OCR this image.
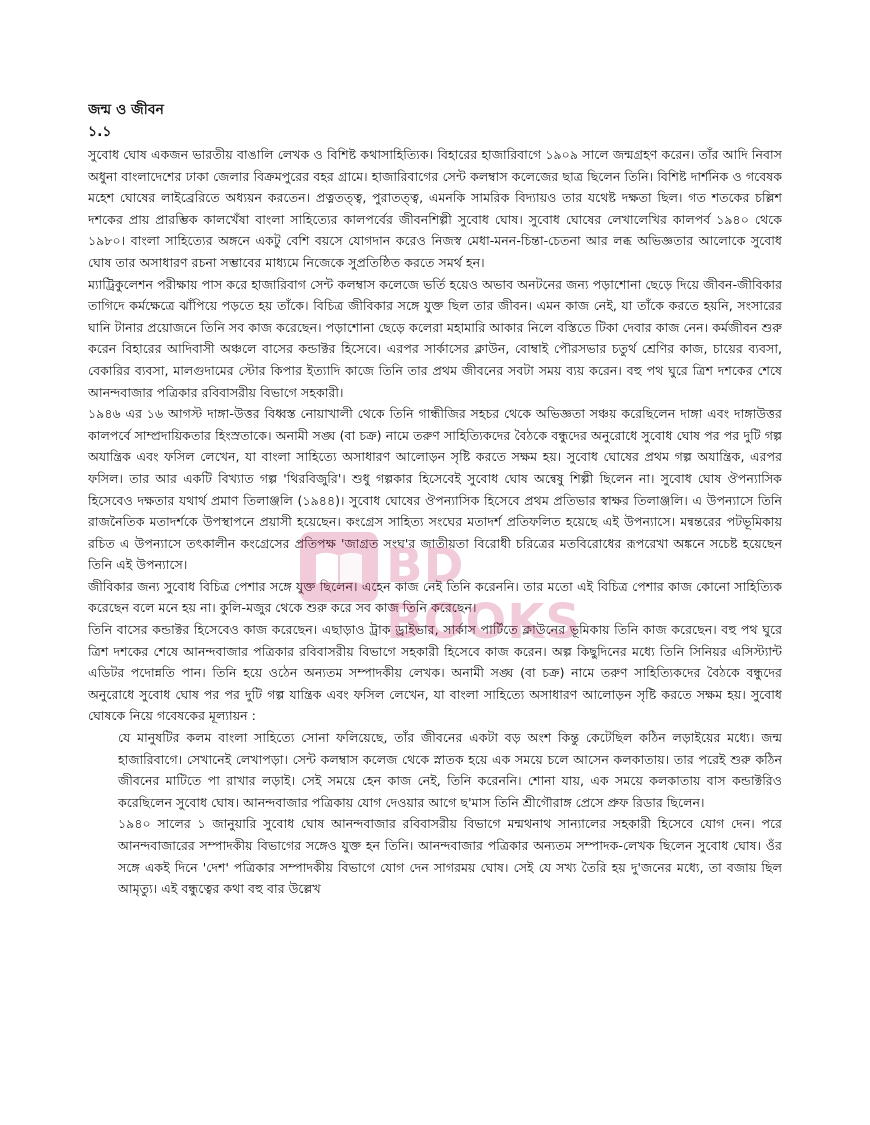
জন্ম ও জীবন

১.১

সুবোধ ঘোষ একজন ভারতীয় বাঙালি লেখক ও বিশিষ্ট কথাসাহিত্যিক। বিহারের হাজারিবাগে ১৯০৯ সালে জন্মগ্রহণ করেন। তাঁর আদি নিবাস অধুনা বাংলাদেশের ঢাকা জেলার বিক্রমপুরের বহর গ্রামে। হাজারিবাগের সেন্ট কলম্বাস কলেজের ছাত্র ছিলেন তিনি। বিশিষ্ট দার্শনিক ও গবেষক মহেশ ঘোষের লাইব্রেরিতে অধ্যয়ন করতেন। প্রত্নতত্ত্ব, পুরাতত্ত্ব, এমনকি সামরিক বিদ্যায়ও তার যথেষ্ট দক্ষতা ছিল। গত শতকের চল্লিশ দশকের প্রায় প্রারম্ভিক কালখেঁষা বাংলা সাহিত্যের কালপর্বের জীবনশিল্পী সুবোধ ঘোষ। সুবোধ ঘোষের লেখালেখির কালপর্ব ১৯৪০ থেকে ১৯৮০। বাংলা সাহিত্যের অঙ্গনে একটু বেশি বয়সে যোগদান করেও নিজস্ব মেধা-মনন-চিন্তা-চেতনা আর লব্ধ অভিজ্ঞতার আলোকে সুবোধ ঘোষ তার অসাধারণ রচনা সম্ভাবের মাধ্যমে নিজেকে সুপ্রতিষ্ঠিত করতে সমর্থ হন।

ম্যাট্রিকুলেশন পরীক্ষায় পাস করে হাজারিবাগ সেন্ট কলম্বাস কলেজে ভর্তি হয়েও অভাব অনটনের জন্য পড়াশোনা ছেড়ে দিয়ে জীবন-জীবিকার তাগিদে কর্মক্ষেত্রে ঝাঁপিয়ে পড়তে হয় তাঁকে। বিচিত্র জীবিকার সঙ্গে যুক্ত ছিল তার জীবন। এমন কাজ নেই, যা তাঁকে করতে হয়নি, সংসারের ঘানি টানার প্রয়োজনে তিনি সব কাজ করেছেন। পড়াশোনা ছেড়ে কলেরা মহামারি আকার নিলে বস্তিতে টিকা দেবার কাজ নেন। কর্মজীবন শুরু করেন বিহারের আদিবাসী অঞ্চলে বাসের কন্ডাক্টর হিসেবে। এরপর সার্কাসের ক্লাউন, বোম্বাই পৌরসভার চতুর্থ শ্রেণির কাজ, চায়ের ব্যবসা, বেকারির ব্যবসা, মালগুদামের স্টোর কিপার ইত্যাদি কাজে তিনি তার প্রথম জীবনের সবটা সময় ব্যয় করেন। বহু পথ ঘুরে ত্রিশ দশকের শেষে আনন্দবাজার পত্রিকার রবিবাসরীয় বিভাগে সহকারী।

১৯৪৬ এর ১৬ আগস্ট দাঙ্গা-উত্তর বিধ্বস্ত নোয়াখালী থেকে তিনি গান্ধীজির সহচর থেকে অভিজ্ঞতা সঞ্চয় করেছিলেন দাঙ্গা এবং দাঙ্গাউত্তর কালপর্বে সাম্প্রদায়িকতার হিংস্রতাকে। অনামী সঙ্ঘ (বা চক্র) নামে তরুণ সাহিত্যিকদের বৈঠকে বন্ধুদের অনুরোধে সুবোধ ঘোষ পর পর দুটি গল্প অযান্ত্রিক এবং ফসিল লেখেন, যা বাংলা সাহিত্যে অসাধারণ আলোড়ন সৃষ্টি করতে সক্ষম হয়। সুবোধ ঘোষের প্রথম গল্প অযান্ত্রিক, এরপর ফসিল। তার আর একটি বিখ্যাত গল্প 'থিরবিজুরি'। শুধু গল্পকার হিসেবেই সুবোধ ঘোষ অন্বেষু শিল্পী ছিলেন না। সুবোধ ঘোষ ঔপন্যাসিক হিসেবেও দক্ষতার যথার্থ প্রমাণ তিলাঞ্জলি (১৯৪৪)। সুবোধ ঘোষের ঔপন্যাসিক হিসেবে প্রথম প্রতিভার স্বাক্ষর তিলাঞ্জলি। এ উপন্যাসে তিনি রাজনৈতিক মতাদর্শকে উপস্থাপনে প্রয়াসী হয়েছেন। কংগ্রেস সাহিত্য সংঘের মতাদর্শ প্রতিফলিত হয়েছে এই উপন্যাসে। মন্বন্তরের পটভূমিকায় রচিত এ উপন্যাসে তৎকালীন কংগ্রেসের প্রতিপক্ষ 'জাগ্রত সংঘ'র জাতীয়তা বিরোধী চরিত্রের মতবিরোধের রূপরেখা অঙ্কনে সচেষ্ট হয়েছেন তিনি এই উপন্যাসে।

জীবিকার জন্য সুবোধ বিচিত্র পেশার সঙ্গে যুক্ত ছিলেন। এহেন কাজ নেই তিনি করেননি। তার মতো এই বিচিত্র পেশার কাজ কোনো সাহিত্যিক করেছেন বলে মনে হয় না। কুলি-মজুর থেকে শুরু করে সব কাজ তিনি করেছেন।

তিনি বাসের কন্ডাক্টর হিসেবেও কাজ করেছেন। এছাড়াও ট্রাক ড্রাইভার, সার্কাস পার্টিতে ক্লাউনের ভূমিকায় তিনি কাজ করেছেন। বহু পথ ঘুরে ত্রিশ দশকের শেষে আনন্দবাজার পত্রিকার রবিবাসরীয় বিভাগে সহকারী হিসেবে কাজ করেন। অল্প কিছুদিনের মধ্যে তিনি সিনিয়র এসিস্ট্যান্ট এডিটর পদোন্নতি পান। তিনি হয়ে ওঠেন অন্যতম সম্পাদকীয় লেখক। অনামী সঙ্ঘ (বা চক্র) নামে তরুণ সাহিত্যিকদের বৈঠকে বন্ধুদের অনুরোধে সুবোধ ঘোষ পর পর দুটি গল্প যান্ত্রিক এবং ফসিল লেখেন, যা বাংলা সাহিত্যে অসাধারণ আলোড়ন সৃষ্টি করতে সক্ষম হয়। সুবোধ ঘোষকে নিয়ে গবেষকের মূল্যায়ন :

যে মানুষটির কলম বাংলা সাহিত্যে সোনা ফলিয়েছে, তাঁর জীবনের একটা বড় অংশ কিন্তু কেটেছিল কঠিন লড়াইয়ের মধ্যে। জন্ম হাজারিবাগে। সেখানেই লেখাপড়া। সেন্ট কলম্বাস কলেজ থেকে স্নাতক হয়ে এক সময়ে চলে আসেন কলকাতায়। তার পরেই শুরু কঠিন জীবনের মাটিতে পা রাখার লড়াই। সেই সময়ে হেন কাজ নেই, তিনি করেননি। শোনা যায়, এক সময়ে কলকাতায় বাস কন্ডাক্টরিও করেছিলেন সুবোধ ঘোষ। আনন্দবাজার পত্রিকায় যোগ দেওয়ার আগে ছ'মাস তিনি শ্রীগৌরাঙ্গ প্রেসে প্রুফ রিডার ছিলেন।

১৯৪০ সালের ১ জানুয়ারি সুবোধ ঘোষ আনন্দবাজার রবিবাসরীয় বিভাগে মন্মথনাথ সান্যালের সহকারী হিসেবে যোগ দেন। পরে আনন্দবাজারের সম্পাদকীয় বিভাগের সঙ্গেও যুক্ত হন তিনি। আনন্দবাজার পত্রিকার অন্যতম সম্পাদক-লেখক ছিলেন সুবোধ ঘোষ। ওঁর সঙ্গে একই দিনে 'দেশ' পত্রিকার সম্পাদকীয় বিভাগে যোগ দেন সাগরময় ঘোষ। সেই যে সখ্য তৈরি হয় দু'জনের মধ্যে, তা বজায় ছিল আমৃত্যু। এই বন্ধুত্বের কথা বহু বার উল্লেখ

BD BOOKS
